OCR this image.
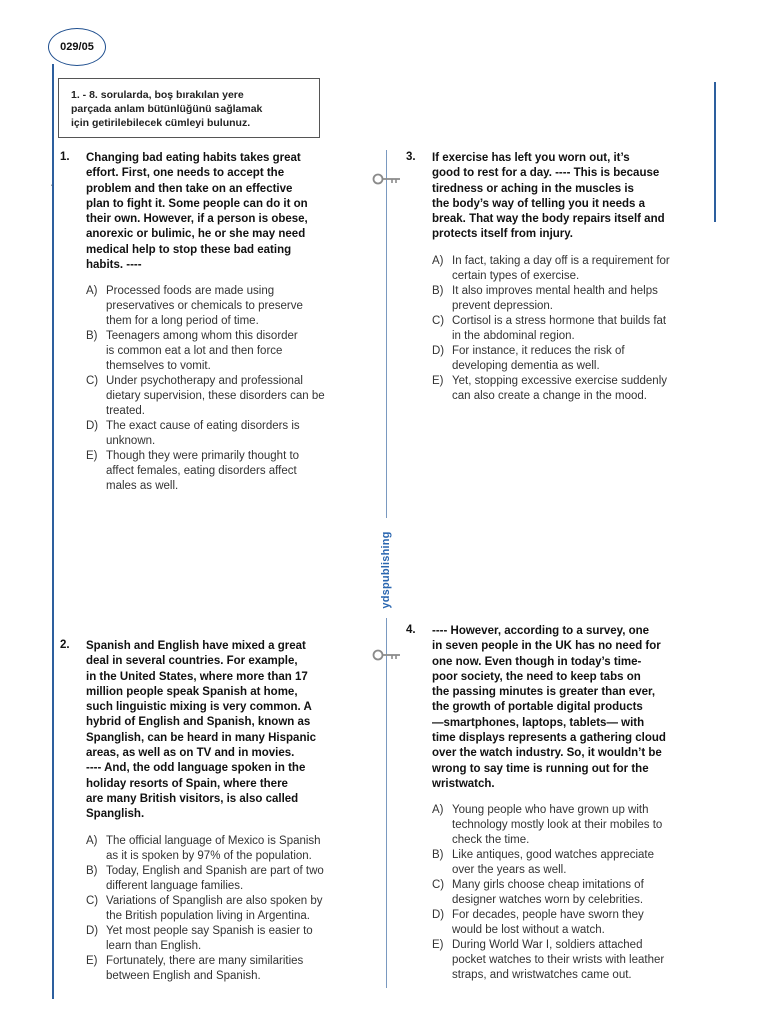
029/05
1. - 8. sorularda, boş bırakılan yere
parçada anlam bütünlüğünü sağlamak
için getirilebilecek cümleyi bulunuz.
ˈ
ydspublishing
1. Changing bad eating habits takes great
effort. First, one needs to accept the
problem and then take on an effective
plan to fight it. Some people can do it on
their own. However, if a person is obese,
anorexic or bulimic, he or she may need
medical help to stop these bad eating
habits. ----
A) Processed foods are made using
preservatives or chemicals to preserve
them for a long period of time.
B) Teenagers among whom this disorder
is common eat a lot and then force
themselves to vomit.
C) Under psychotherapy and professional
dietary supervision, these disorders can be
treated.
D) The exact cause of eating disorders is
unknown.
E) Though they were primarily thought to
affect females, eating disorders affect
males as well.
2. Spanish and English have mixed a great
deal in several countries. For example,
in the United States, where more than 17
million people speak Spanish at home,
such linguistic mixing is very common. A
hybrid of English and Spanish, known as
Spanglish, can be heard in many Hispanic
areas, as well as on TV and in movies.
---- And, the odd language spoken in the
holiday resorts of Spain, where there
are many British visitors, is also called
Spanglish.
A) The official language of Mexico is Spanish
as it is spoken by 97% of the population.
B) Today, English and Spanish are part of two
different language families.
C) Variations of Spanglish are also spoken by
the British population living in Argentina.
D) Yet most people say Spanish is easier to
learn than English.
E) Fortunately, there are many similarities
between English and Spanish.
3. If exercise has left you worn out, it’s
good to rest for a day. ---- This is because
tiredness or aching in the muscles is
the body’s way of telling you it needs a
break. That way the body repairs itself and
protects itself from injury.
A) In fact, taking a day off is a requirement for
certain types of exercise.
B) It also improves mental health and helps
prevent depression.
C) Cortisol is a stress hormone that builds fat
in the abdominal region.
D) For instance, it reduces the risk of
developing dementia as well.
E) Yet, stopping excessive exercise suddenly
can also create a change in the mood.
4. ---- However, according to a survey, one
in seven people in the UK has no need for
one now. Even though in today’s time-
poor society, the need to keep tabs on
the passing minutes is greater than ever,
the growth of portable digital products
—smartphones, laptops, tablets— with
time displays represents a gathering cloud
over the watch industry. So, it wouldn’t be
wrong to say time is running out for the
wristwatch.
A) Young people who have grown up with
technology mostly look at their mobiles to
check the time.
B) Like antiques, good watches appreciate
over the years as well.
C) Many girls choose cheap imitations of
designer watches worn by celebrities.
D) For decades, people have sworn they
would be lost without a watch.
E) During World War I, soldiers attached
pocket watches to their wrists with leather
straps, and wristwatches came out.
